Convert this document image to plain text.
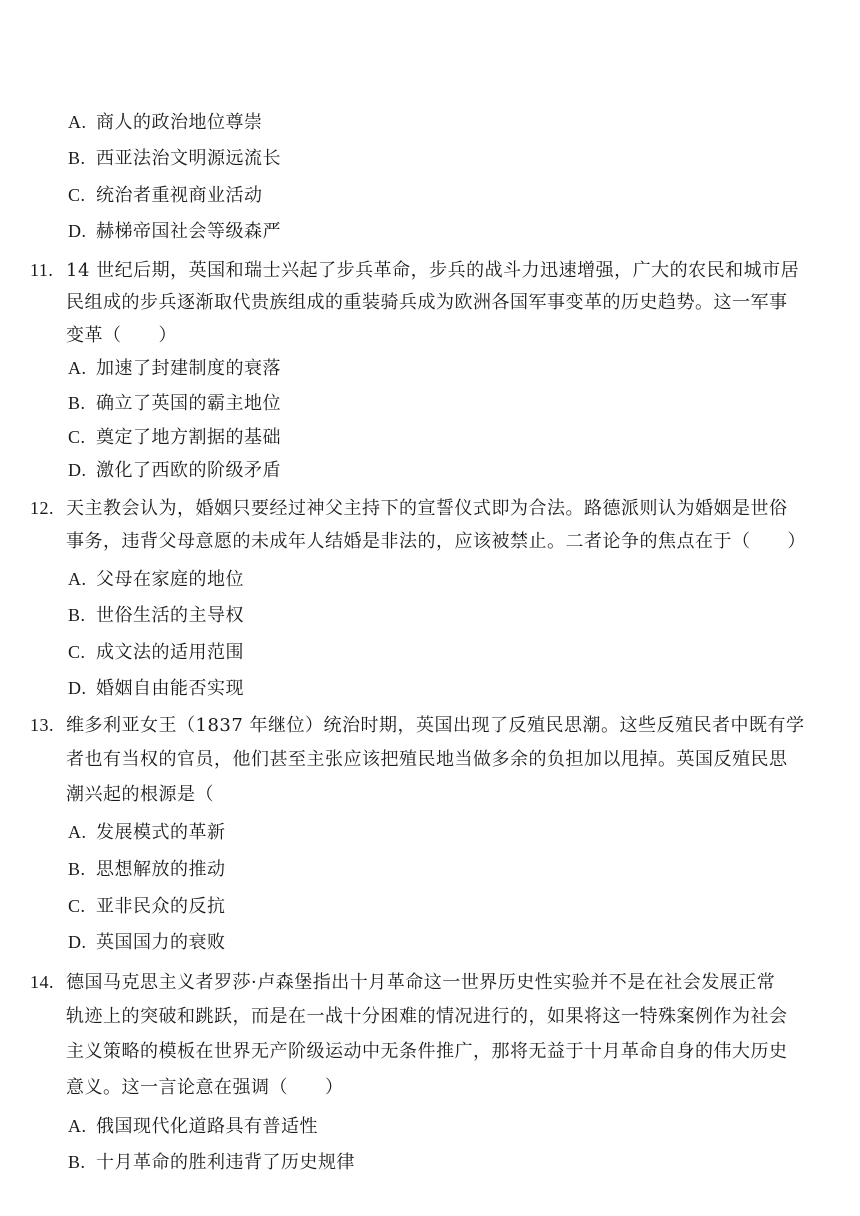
A. 商人的政治地位尊崇
B. 西亚法治文明源远流长
C. 统治者重视商业活动
D. 赫梯帝国社会等级森严
11. 14 世纪后期，英国和瑞士兴起了步兵革命，步兵的战斗力迅速增强，广大的农民和城市居
民组成的步兵逐渐取代贵族组成的重装骑兵成为欧洲各国军事变革的历史趋势。这一军事
变革（　　）
A. 加速了封建制度的衰落
B. 确立了英国的霸主地位
C. 奠定了地方割据的基础
D. 激化了西欧的阶级矛盾
12. 天主教会认为，婚姻只要经过神父主持下的宣誓仪式即为合法。路德派则认为婚姻是世俗
事务，违背父母意愿的未成年人结婚是非法的，应该被禁止。二者论争的焦点在于（　　）
A. 父母在家庭的地位
B. 世俗生活的主导权
C. 成文法的适用范围
D. 婚姻自由能否实现
13. 维多利亚女王（1837 年继位）统治时期，英国出现了反殖民思潮。这些反殖民者中既有学
者也有当权的官员，他们甚至主张应该把殖民地当做多余的负担加以甩掉。英国反殖民思
潮兴起的根源是（
A. 发展模式的革新
B. 思想解放的推动
C. 亚非民众的反抗
D. 英国国力的衰败
14. 德国马克思主义者罗莎·卢森堡指出十月革命这一世界历史性实验并不是在社会发展正常
轨迹上的突破和跳跃，而是在一战十分困难的情况进行的，如果将这一特殊案例作为社会
主义策略的模板在世界无产阶级运动中无条件推广，那将无益于十月革命自身的伟大历史
意义。这一言论意在强调（　　）
A. 俄国现代化道路具有普适性
B. 十月革命的胜利违背了历史规律
